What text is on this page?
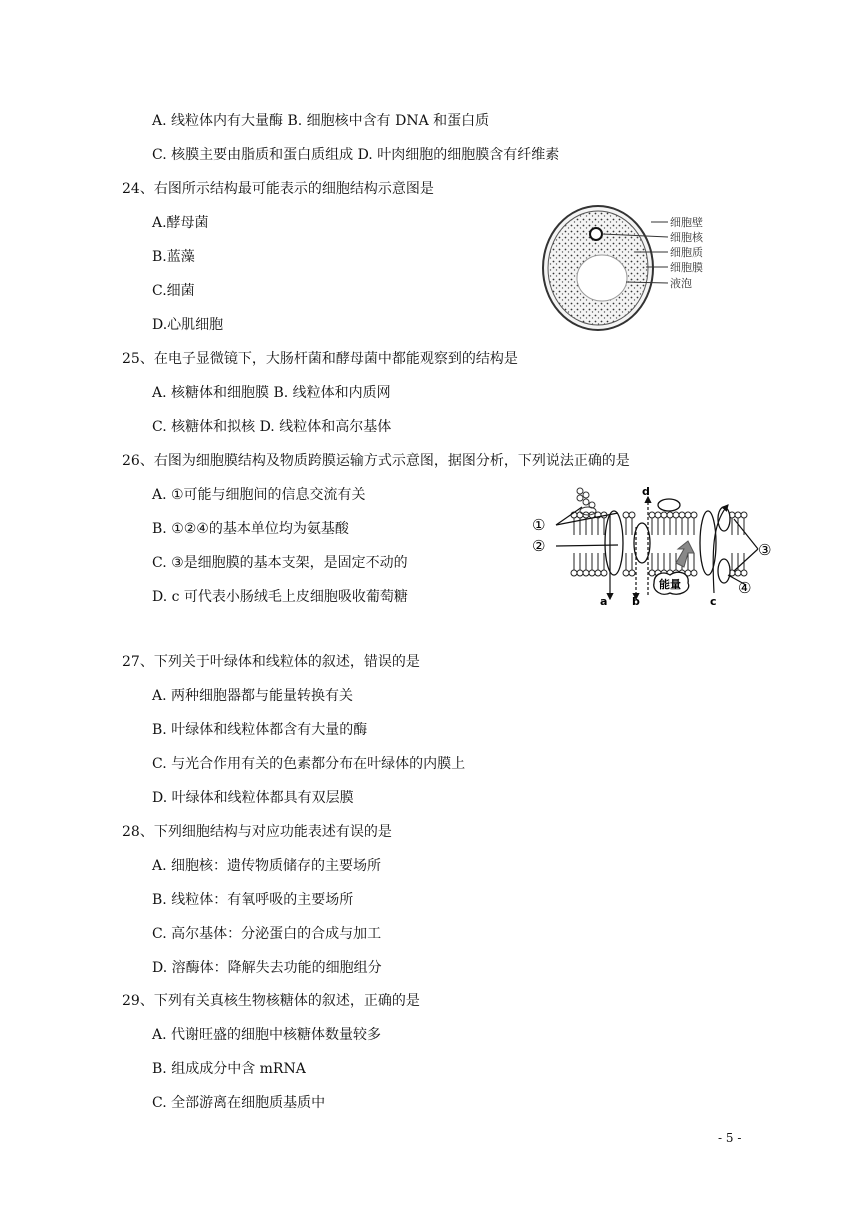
A. 线粒体内有大量酶 B. 细胞核中含有 DNA 和蛋白质
C. 核膜主要由脂质和蛋白质组成 D. 叶肉细胞的细胞膜含有纤维素
24、右图所示结构最可能表示的细胞结构示意图是
A.酵母菌
B.蓝藻
C.细菌
D.心肌细胞
细胞壁
细胞核
细胞质
细胞膜
液泡
25、在电子显微镜下，大肠杆菌和酵母菌中都能观察到的结构是
A. 核糖体和细胞膜 B. 线粒体和内质网
C. 核糖体和拟核 D. 线粒体和高尔基体
26、右图为细胞膜结构及物质跨膜运输方式示意图，据图分析，下列说法正确的是
A. ①可能与细胞间的信息交流有关
B. ①②④的基本单位均为氨基酸
C. ③是细胞膜的基本支架，是固定不动的
D. c 可代表小肠绒毛上皮细胞吸收葡萄糖
①
②	③
④
a b	c
d
能量
27、下列关于叶绿体和线粒体的叙述，错误的是
A. 两种细胞器都与能量转换有关
B. 叶绿体和线粒体都含有大量的酶
C. 与光合作用有关的色素都分布在叶绿体的内膜上
D. 叶绿体和线粒体都具有双层膜
28、下列细胞结构与对应功能表述有误的是
A. 细胞核：遗传物质储存的主要场所
B. 线粒体：有氧呼吸的主要场所
C. 高尔基体：分泌蛋白的合成与加工
D. 溶酶体：降解失去功能的细胞组分
29、下列有关真核生物核糖体的叙述，正确的是
A. 代谢旺盛的细胞中核糖体数量较多
B. 组成成分中含 mRNA
C. 全部游离在细胞质基质中
- 5 -
